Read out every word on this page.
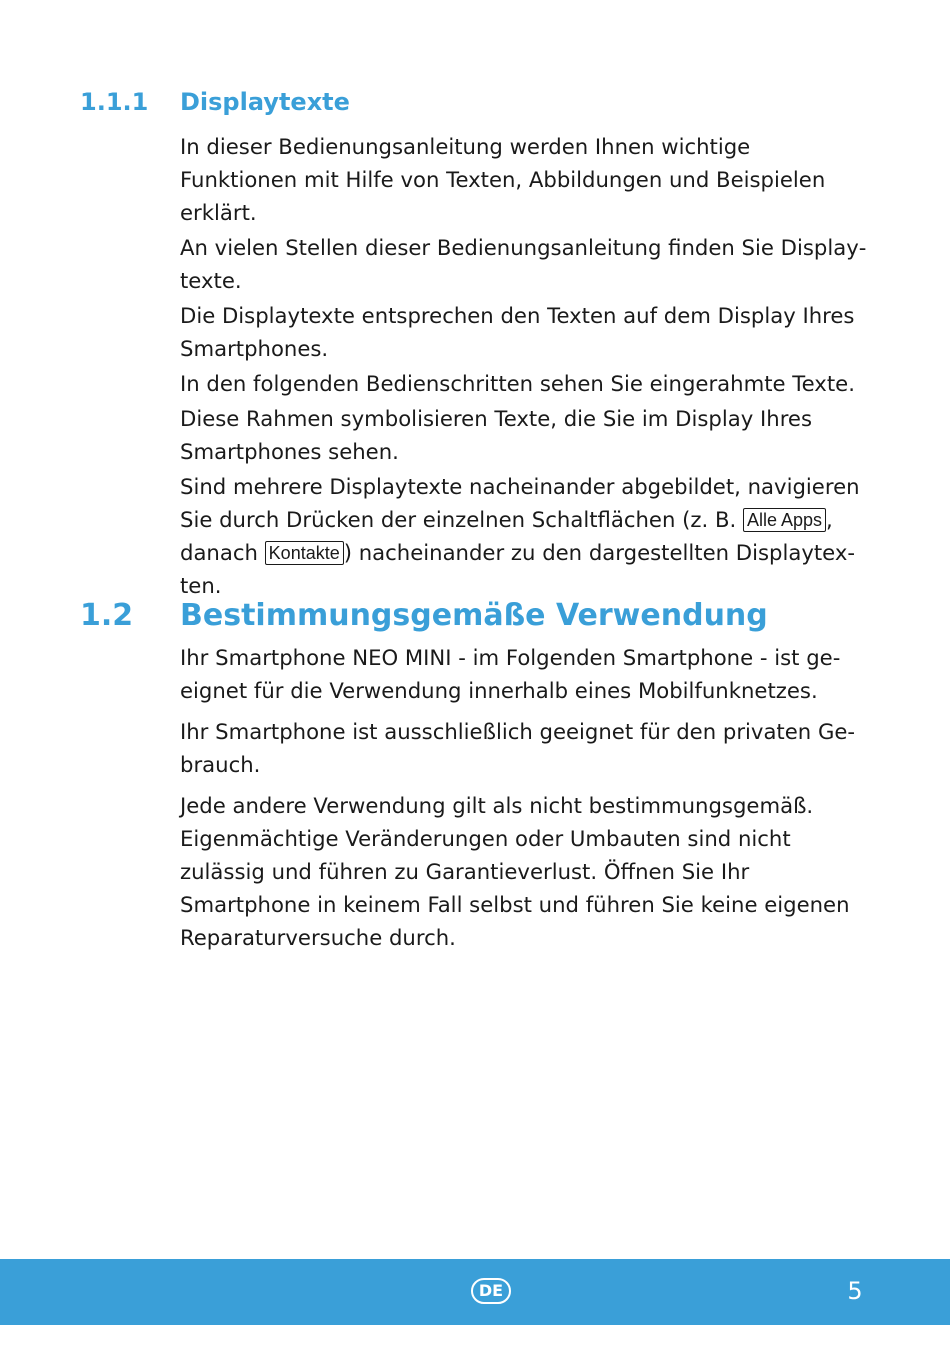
1.1.1 Displaytexte

In dieser Bedienungsanleitung werden Ihnen wichtige Funktionen mit Hilfe von Texten, Abbildungen und Beispielen erklärt.

An vielen Stellen dieser Bedienungsanleitung finden Sie Displaytexte.

Die Displaytexte entsprechen den Texten auf dem Display Ihres Smartphones.

In den folgenden Bedienschritten sehen Sie eingerahmte Texte.

Diese Rahmen symbolisieren Texte, die Sie im Display Ihres Smartphones sehen.

Sind mehrere Displaytexte nacheinander abgebildet, navigieren Sie durch Drücken der einzelnen Schaltflächen (z. B. Alle Apps , danach Kontakte ) nacheinander zu den dargestellten Displaytexten.

1.2 Bestimmungsgemäße Verwendung

Ihr Smartphone NEO MINI - im Folgenden Smartphone - ist geeignet für die Verwendung innerhalb eines Mobilfunknetzes.

Ihr Smartphone ist ausschließlich geeignet für den privaten Gebrauch.

Jede andere Verwendung gilt als nicht bestimmungsgemäß. Eigenmächtige Veränderungen oder Umbauten sind nicht zulässig und führen zu Garantieverlust. Öffnen Sie Ihr Smartphone in keinem Fall selbst und führen Sie keine eigenen Reparaturversuche durch.

DE	5
